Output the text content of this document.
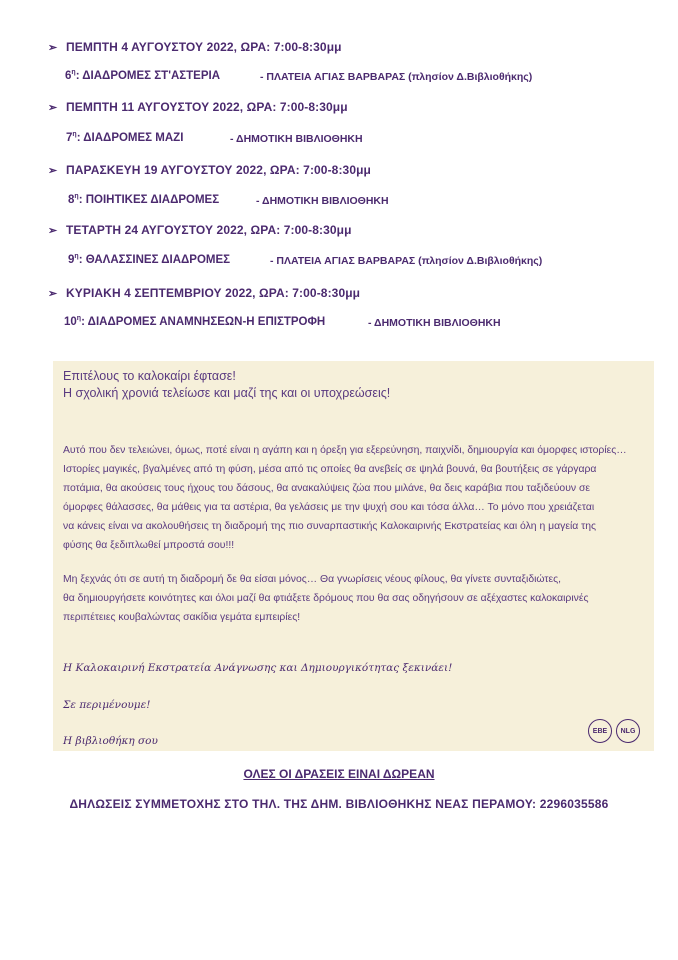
➢ ΠΕΜΠΤΗ 4 ΑΥΓΟΥΣΤΟΥ 2022, ΩΡΑ: 7:00-8:30μμ
$6^\eta$: ΔΙΑΔΡΟΜΕΣ ΣΤ'ΑΣΤΕΡΙΑ	- ΠΛΑΤΕΙΑ ΑΓΙΑΣ ΒΑΡΒΑΡΑΣ (πλησίον Δ.Βιβλιοθήκης)
➢ ΠΕΜΠΤΗ 11 ΑΥΓΟΥΣΤΟΥ 2022, ΩΡΑ: 7:00-8:30μμ
$7^\eta$: ΔΙΑΔΡΟΜΕΣ ΜΑΖΙ	- ΔΗΜΟΤΙΚΗ ΒΙΒΛΙΟΘΗΚΗ
➢ ΠΑΡΑΣΚΕΥΗ 19 ΑΥΓΟΥΣΤΟΥ 2022, ΩΡΑ: 7:00-8:30μμ
$8^\eta$: ΠΟΙΗΤΙΚΕΣ ΔΙΑΔΡΟΜΕΣ	- ΔΗΜΟΤΙΚΗ ΒΙΒΛΙΟΘΗΚΗ
➢ ΤΕΤΑΡΤΗ 24 ΑΥΓΟΥΣΤΟΥ 2022, ΩΡΑ: 7:00-8:30μμ
$9^\eta$: ΘΑΛΑΣΣΙΝΕΣ ΔΙΑΔΡΟΜΕΣ	- ΠΛΑΤΕΙΑ ΑΓΙΑΣ ΒΑΡΒΑΡΑΣ (πλησίον Δ.Βιβλιοθήκης)
➢ ΚΥΡΙΑΚΗ 4 ΣΕΠΤΕΜΒΡΙΟΥ 2022, ΩΡΑ: 7:00-8:30μμ
$10^\eta$: ΔΙΑΔΡΟΜΕΣ ΑΝΑΜΝΗΣΕΩΝ-Η ΕΠΙΣΤΡΟΦΗ	- ΔΗΜΟΤΙΚΗ ΒΙΒΛΙΟΘΗΚΗ
Επιτέλους το καλοκαίρι έφτασε!
Η σχολική χρονιά τελείωσε και μαζί της και οι υποχρεώσεις!
Αυτό που δεν τελειώνει, όμως, ποτέ είναι η αγάπη και η όρεξη για εξερεύνηση, παιχνίδι, δημιουργία και όμορφες ιστορίες…
Ιστορίες μαγικές, βγαλμένες από τη φύση, μέσα από τις οποίες θα ανεβείς σε ψηλά βουνά, θα βουτήξεις σε γάργαρα
ποτάμια, θα ακούσεις τους ήχους του δάσους, θα ανακαλύψεις ζώα που μιλάνε, θα δεις καράβια που ταξιδεύουν σε
όμορφες θάλασσες, θα μάθεις για τα αστέρια, θα γελάσεις με την ψυχή σου και τόσα άλλα… Το μόνο που χρειάζεται
να κάνεις είναι να ακολουθήσεις τη διαδρομή της πιο συναρπαστικής Καλοκαιρινής Εκστρατείας και όλη η μαγεία της
φύσης θα ξεδιπλωθεί μπροστά σου!!!
Μη ξεχνάς ότι σε αυτή τη διαδρομή δε θα είσαι μόνος… Θα γνωρίσεις νέους φίλους, θα γίνετε συνταξιδιώτες,
θα δημιουργήσετε κοινότητες και όλοι μαζί θα φτιάξετε δρόμους που θα σας οδηγήσουν σε αξέχαστες καλοκαιρινές
περιπέτειες κουβαλώντας σακίδια γεμάτα εμπειρίες!
Η Καλοκαιρινή Εκστρατεία Ανάγνωσης και Δημιουργικότητας ξεκινάει!
Σε περιμένουμε!
Η βιβλιοθήκη σου
ΕΒΕ	NLG
ΟΛΕΣ ΟΙ ΔΡΑΣΕΙΣ ΕΙΝΑΙ ΔΩΡΕΑΝ
ΔΗΛΩΣΕΙΣ ΣΥΜΜΕΤΟΧΗΣ ΣΤΟ ΤΗΛ. ΤΗΣ ΔΗΜ. ΒΙΒΛΙΟΘΗΚΗΣ ΝΕΑΣ ΠΕΡΑΜΟΥ: 2296035586
